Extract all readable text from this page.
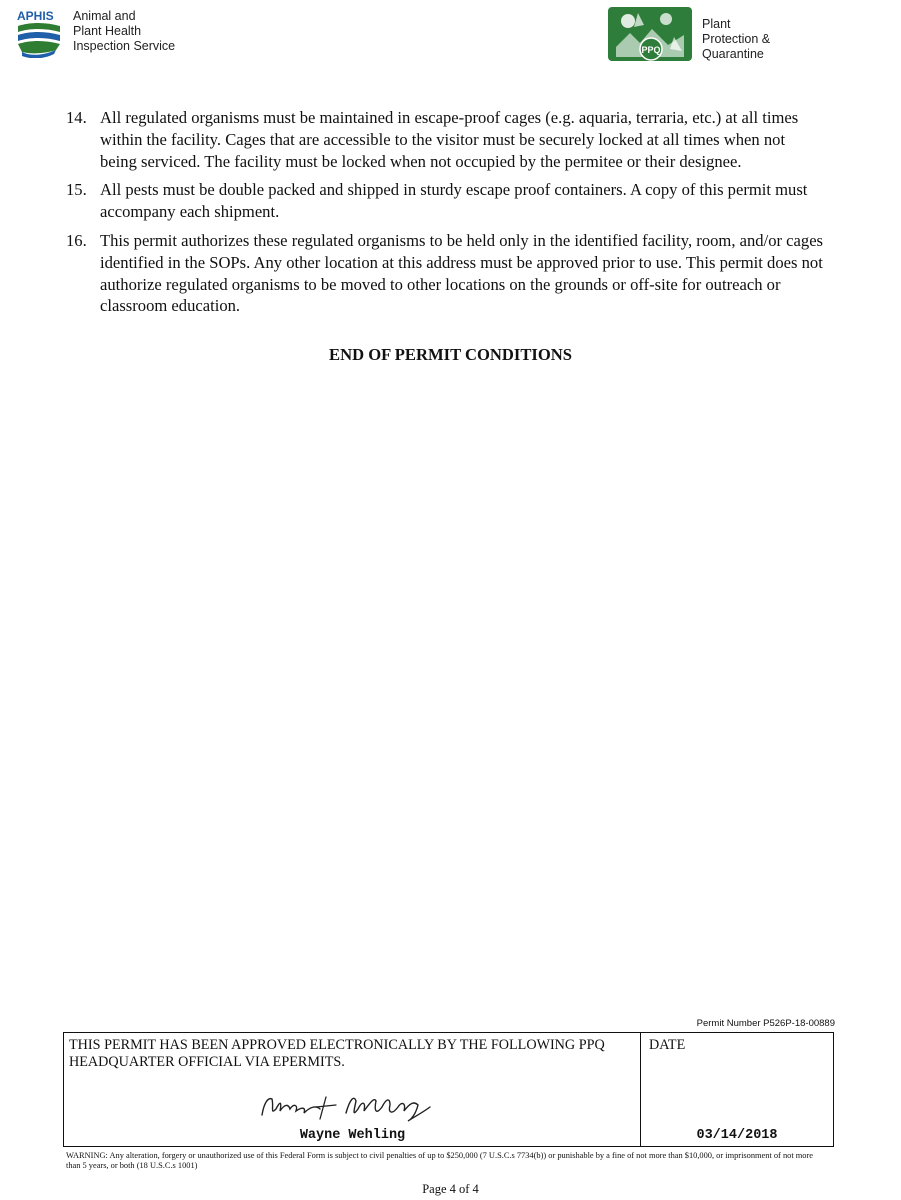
APHIS Animal and
Plant Health
Inspection Service	PPQ
Plant
Protection &
Quarantine
14. All regulated organisms must be maintained in escape-proof cages (e.g. aquaria, terraria, etc.) at all times within the facility. Cages that are accessible to the visitor must be securely locked at all times when not being serviced. The facility must be locked when not occupied by the permitee or their designee.
15. All pests must be double packed and shipped in sturdy escape proof containers. A copy of this permit must accompany each shipment.
16. This permit authorizes these regulated organisms to be held only in the identified facility, room, and/or cages identified in the SOPs. Any other location at this address must be approved prior to use. This permit does not authorize regulated organisms to be moved to other locations on the grounds or off-site for outreach or classroom education.
END OF PERMIT CONDITIONS
Permit Number P526P-18-00889
THIS PERMIT HAS BEEN APPROVED ELECTRONICALLY BY THE FOLLOWING PPQ HEADQUARTER OFFICIAL VIA EPERMITS.
Wayne Wehling
DATE
03/14/2018
WARNING: Any alteration, forgery or unauthorized use of this Federal Form is subject to civil penalties of up to $250,000 (7 U.S.C.s 7734(b)) or punishable by a fine of not more than $10,000, or imprisonment of not more than 5 years, or both (18 U.S.C.s 1001)
Page 4 of 4
